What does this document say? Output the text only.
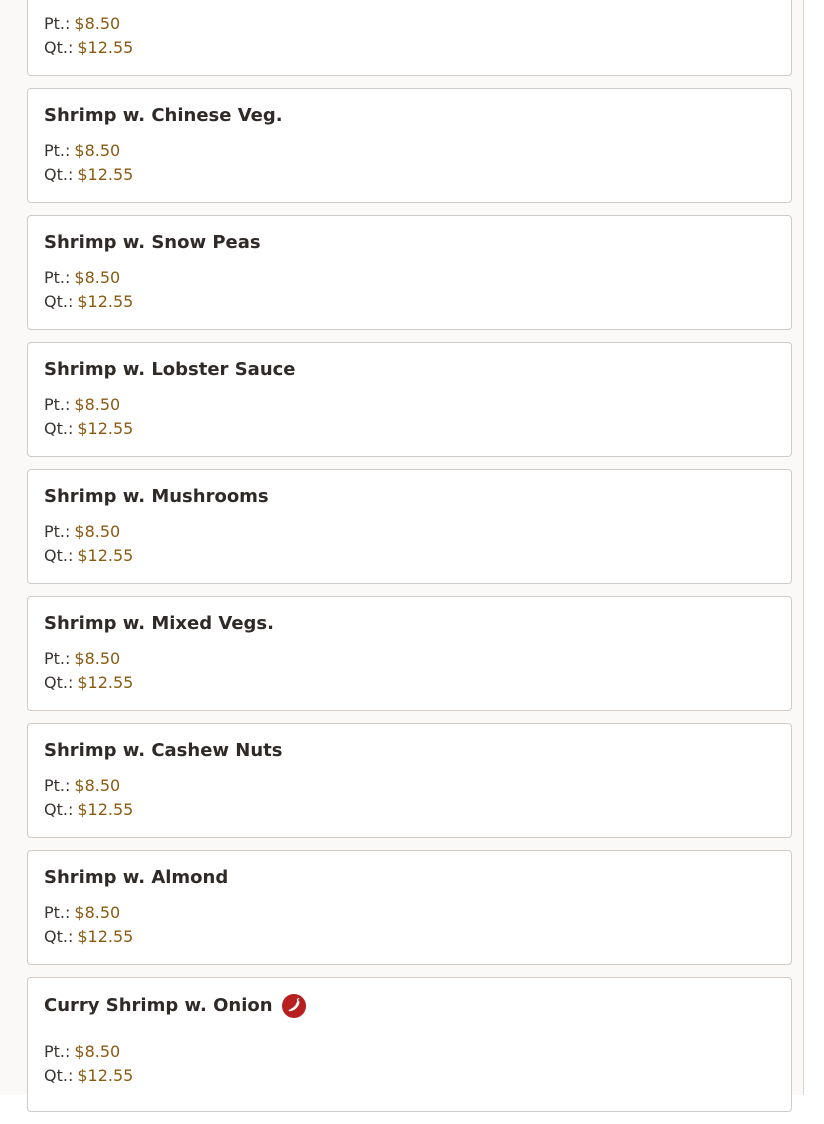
Pt.: $8.50
Qt.: $12.55
Shrimp w. Chinese Veg.
Pt.: $8.50
Qt.: $12.55
Shrimp w. Snow Peas
Pt.: $8.50
Qt.: $12.55
Shrimp w. Lobster Sauce
Pt.: $8.50
Qt.: $12.55
Shrimp w. Mushrooms
Pt.: $8.50
Qt.: $12.55
Shrimp w. Mixed Vegs.
Pt.: $8.50
Qt.: $12.55
Shrimp w. Cashew Nuts
Pt.: $8.50
Qt.: $12.55
Shrimp w. Almond
Pt.: $8.50
Qt.: $12.55
Curry Shrimp w. Onion
Pt.: $8.50
Qt.: $12.55
